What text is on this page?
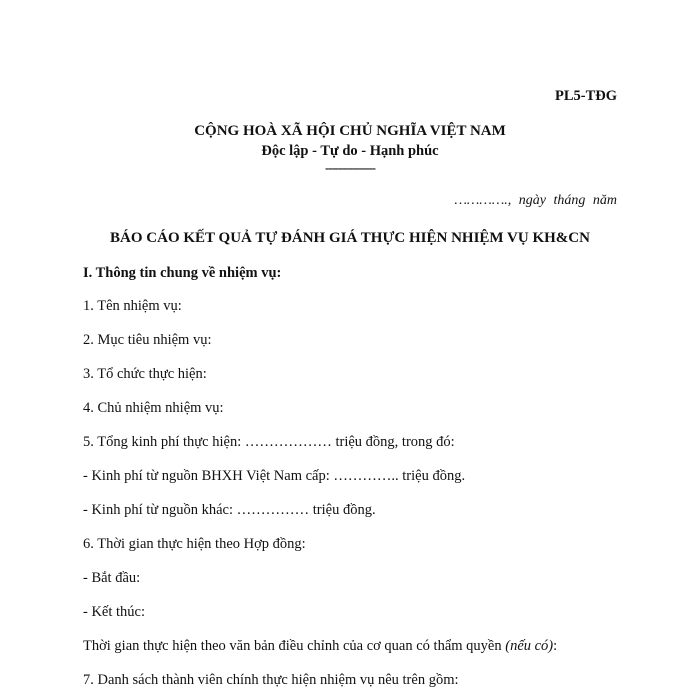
PL5-TĐG
CỘNG HOÀ XÃ HỘI CHỦ NGHĨA VIỆT NAM
Độc lập - Tự do - Hạnh phúc
---------------
…………., ngày tháng năm
BÁO CÁO KẾT QUẢ TỰ ĐÁNH GIÁ THỰC HIỆN NHIỆM VỤ KH&CN
I. Thông tin chung về nhiệm vụ:
1. Tên nhiệm vụ:
2. Mục tiêu nhiệm vụ:
3. Tổ chức thực hiện:
4. Chủ nhiệm nhiệm vụ:
5. Tổng kinh phí thực hiện: ……………… triệu đồng, trong đó:
- Kinh phí từ nguồn BHXH Việt Nam cấp: ………….. triệu đồng.
- Kinh phí từ nguồn khác: …………… triệu đồng.
6. Thời gian thực hiện theo Hợp đồng:
- Bắt đầu:
- Kết thúc:
Thời gian thực hiện theo văn bản điều chỉnh của cơ quan có thẩm quyền (nếu có):
7. Danh sách thành viên chính thực hiện nhiệm vụ nêu trên gồm:
